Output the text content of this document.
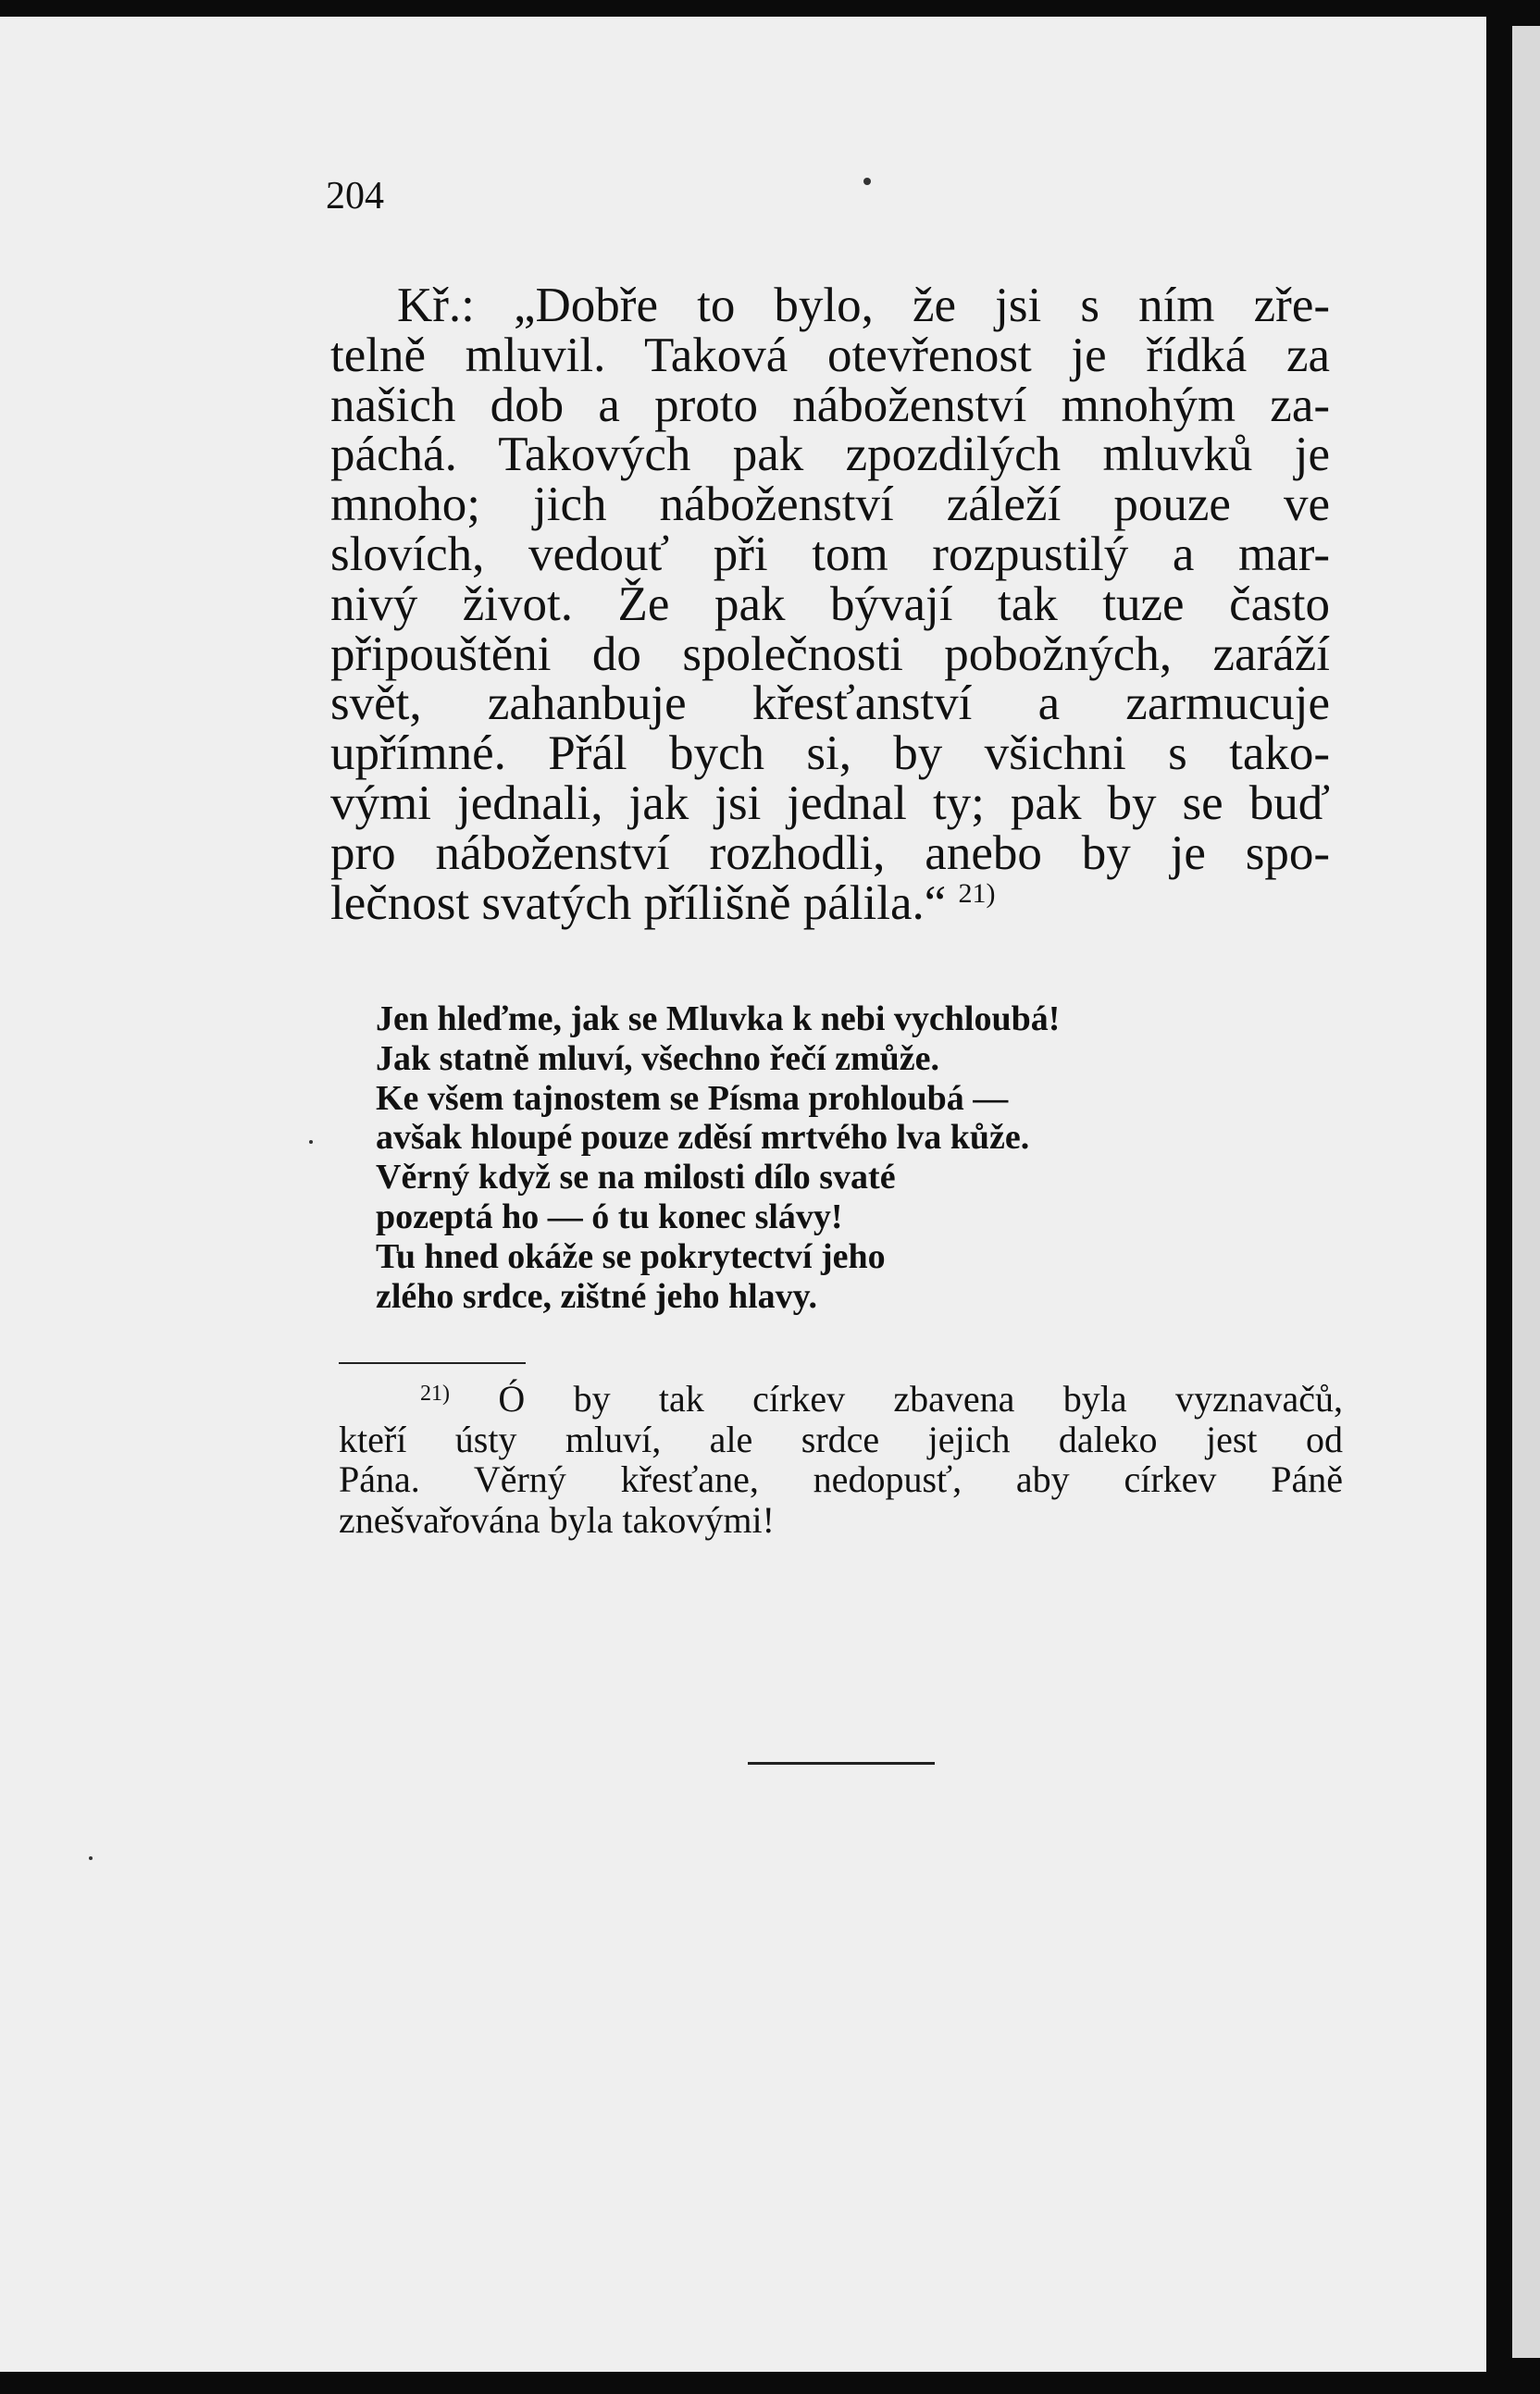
204
Kř.: „Dobře to bylo, že jsi s ním zře-
telně mluvil. Taková otevřenost je řídká za
našich dob a proto náboženství mnohým za-
páchá. Takových pak zpozdilých mluvků je
mnoho; jich náboženství záleží pouze ve
slovích, vedouť při tom rozpustilý a mar-
nivý život. Že pak bývají tak tuze často
připouštěni do společnosti pobožných, zaráží
svět, zahanbuje křesťanství a zarmucuje
upřímné. Přál bych si, by všichni s tako-
vými jednali, jak jsi jednal ty; pak by se buď
pro náboženství rozhodli, anebo by je spo-
lečnost svatých přílišně pálila.“ $^{21)}$
Jen hleďme, jak se Mluvka k nebi vychloubá!
Jak statně mluví, všechno řečí zmůže.
Ke všem tajnostem se Písma prohloubá —
avšak hloupé pouze zděsí mrtvého lva kůže.
Věrný když se na milosti dílo svaté
pozeptá ho — ó tu konec slávy!
Tu hned okáže se pokrytectví jeho
zlého srdce, zištné jeho hlavy.
$^{21)}$ Ó by tak církev zbavena byla vyznavačů,
kteří ústy mluví, ale srdce jejich daleko jest od
Pána. Věrný křesťane, nedopusť, aby církev Páně
znešvařována byla takovými!
